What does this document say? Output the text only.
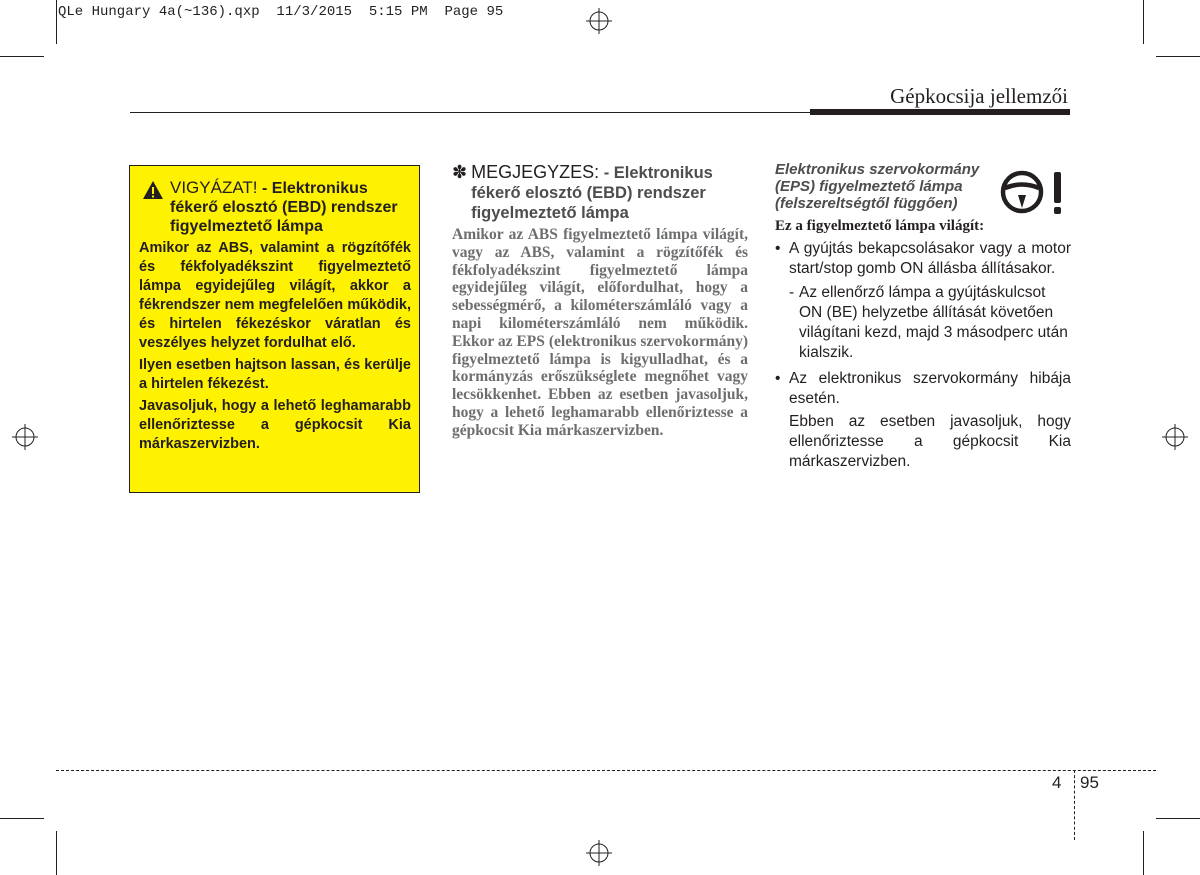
QLe Hungary 4a(~136).qxp  11/3/2015  5:15 PM  Page 95
Gépkocsija jellemzői
VIGYÁZAT! - Elektronikus fékerő elosztó (EBD) rendszer figyelmeztető lámpa

Amikor az ABS, valamint a rögzítőfék és fékfolyadékszint figyelmeztető lámpa egyidejűleg világít, akkor a fékrendszer nem megfelelően működik, és hirtelen fékezéskor váratlan és veszélyes helyzet fordulhat elő.

Ilyen esetben hajtson lassan, és kerülje a hirtelen fékezést.

Javasoljuk, hogy a lehető leghamarabb ellenőriztesse a gépkocsit Kia márkaszervizben.

✽ MEGJEGYZES: - Elektronikus fékerő elosztó (EBD) rendszer figyelmeztető lámpa
Amikor az ABS figyelmeztető lámpa világít, vagy az ABS, valamint a rögzítőfék és fékfolyadékszint figyelmeztető lámpa egyidejűleg világít, előfordulhat, hogy a sebességmérő, a kilométerszámláló vagy a napi kilométerszámláló nem működik. Ekkor az EPS (elektronikus szervokormány) figyelmeztető lámpa is kigyulladhat, és a kormányzás erőszükséglete megnőhet vagy lecsökkenhet. Ebben az esetben javasoljuk, hogy a lehető leghamarabb ellenőriztesse a gépkocsit Kia márkaszervizben.
Elektronikus szervokormány (EPS) figyelmeztető lámpa (felszereltségtől függően)
Ez a figyelmeztető lámpa világít:
• A gyújtás bekapcsolásakor vagy a motor start/stop gomb ON állásba állításakor.
- Az ellenőrző lámpa a gyújtáskulcsot ON (BE) helyzetbe állítását követően világítani kezd, majd 3 másodperc után kialszik.
• Az elektronikus szervokormány hibája esetén.
Ebben az esetben javasoljuk, hogy ellenőriztesse a gépkocsit Kia márkaszervizben.
4 95
